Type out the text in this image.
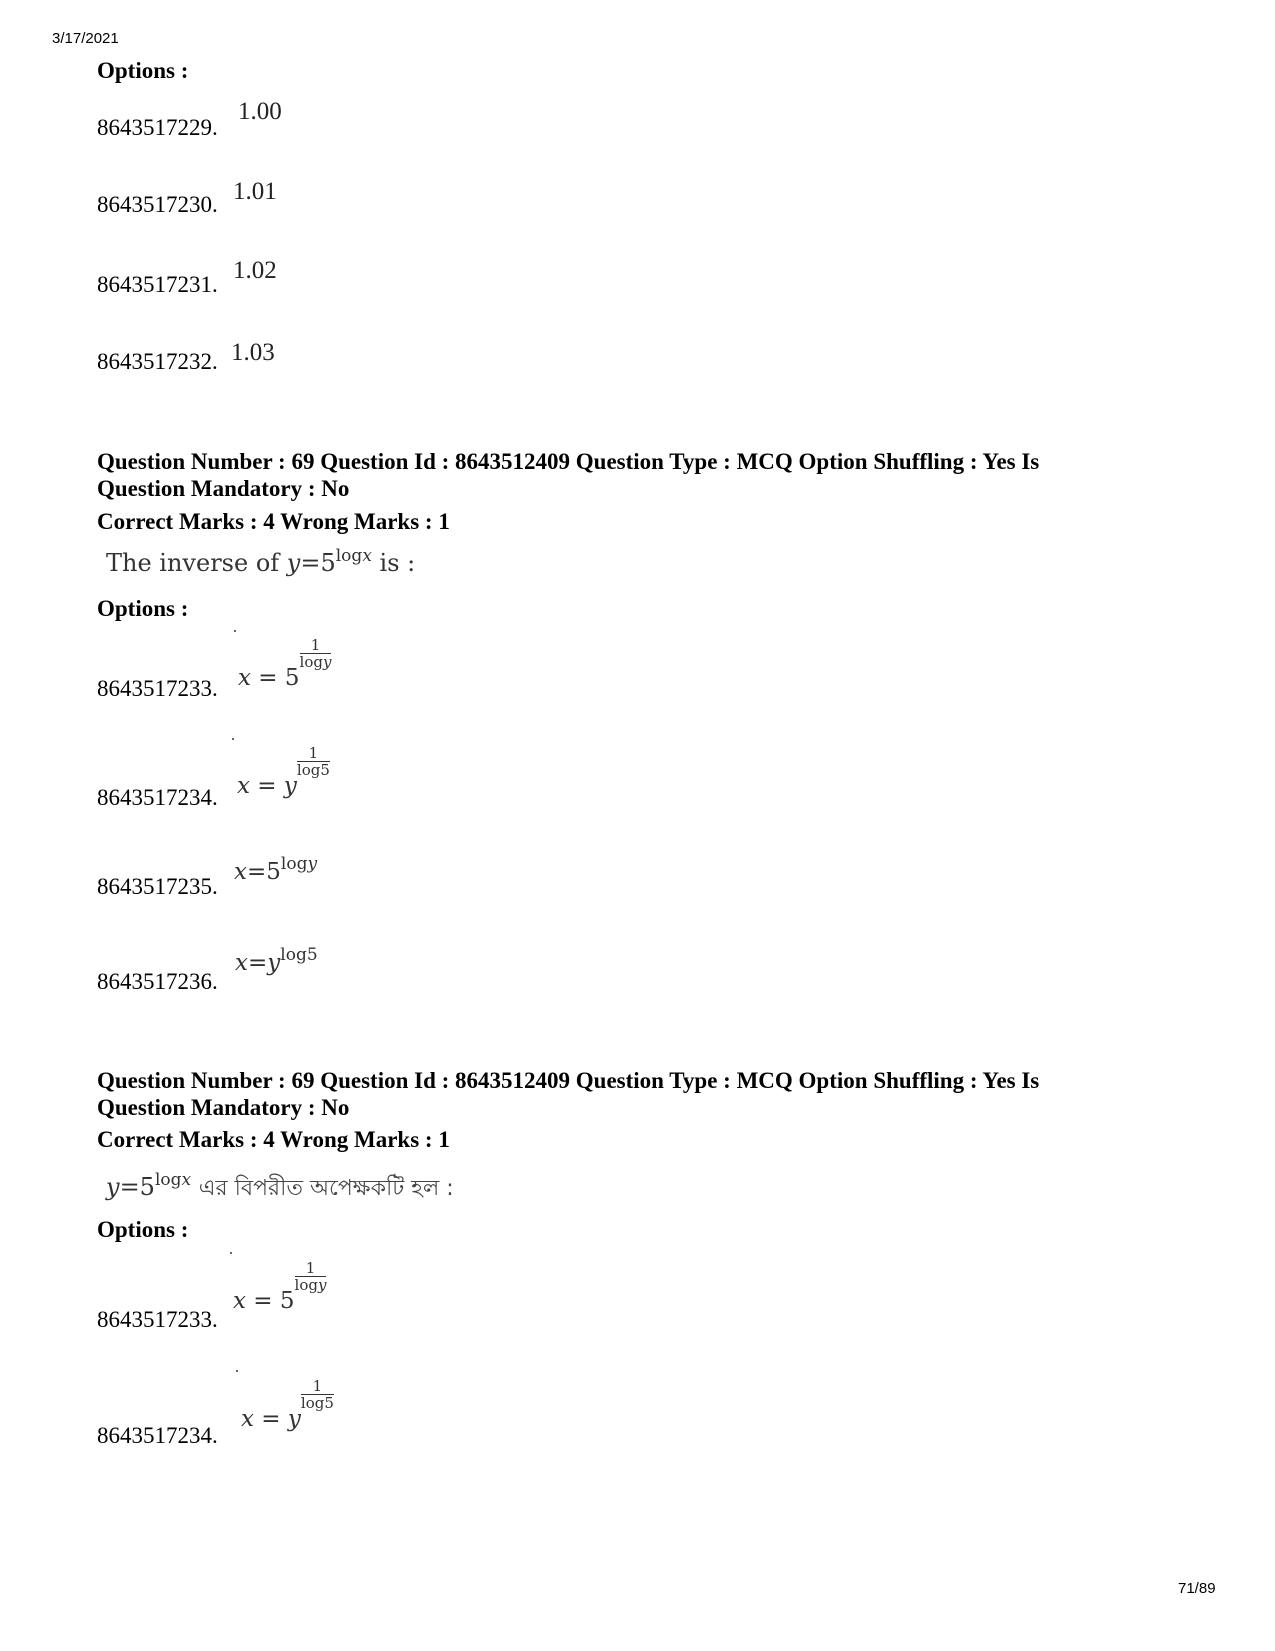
3/17/2021
Options :
8643517229.
1.00
8643517230. 1.01
8643517231.
1.02
8643517232. 1.03
Question Number : 69 Question Id : 8643512409 Question Type : MCQ Option Shuffling : Yes Is
Question Mandatory : No
Correct Marks : 4 Wrong Marks : 1
The inverse of $y=5^{logx}$ is :
Options :
8643517233. x = 5
$\frac{1}{\log y}$
8643517234. x = y
$\frac{1}{\log 5}$
8643517235.
$x=5^{logy}$
8643517236.
$x=y^{log5}$
Question Number : 69 Question Id : 8643512409 Question Type : MCQ Option Shuffling : Yes Is
Question Mandatory : No
Correct Marks : 4 Wrong Marks : 1
$y=5^{logx}$ এর বিপরীত অপেক্ষকটি হল :
Options :
8643517233.
x = 5
$\frac{1}{\log y}$
8643517234.
x = y
$\frac{1}{\log 5}$
71/89
